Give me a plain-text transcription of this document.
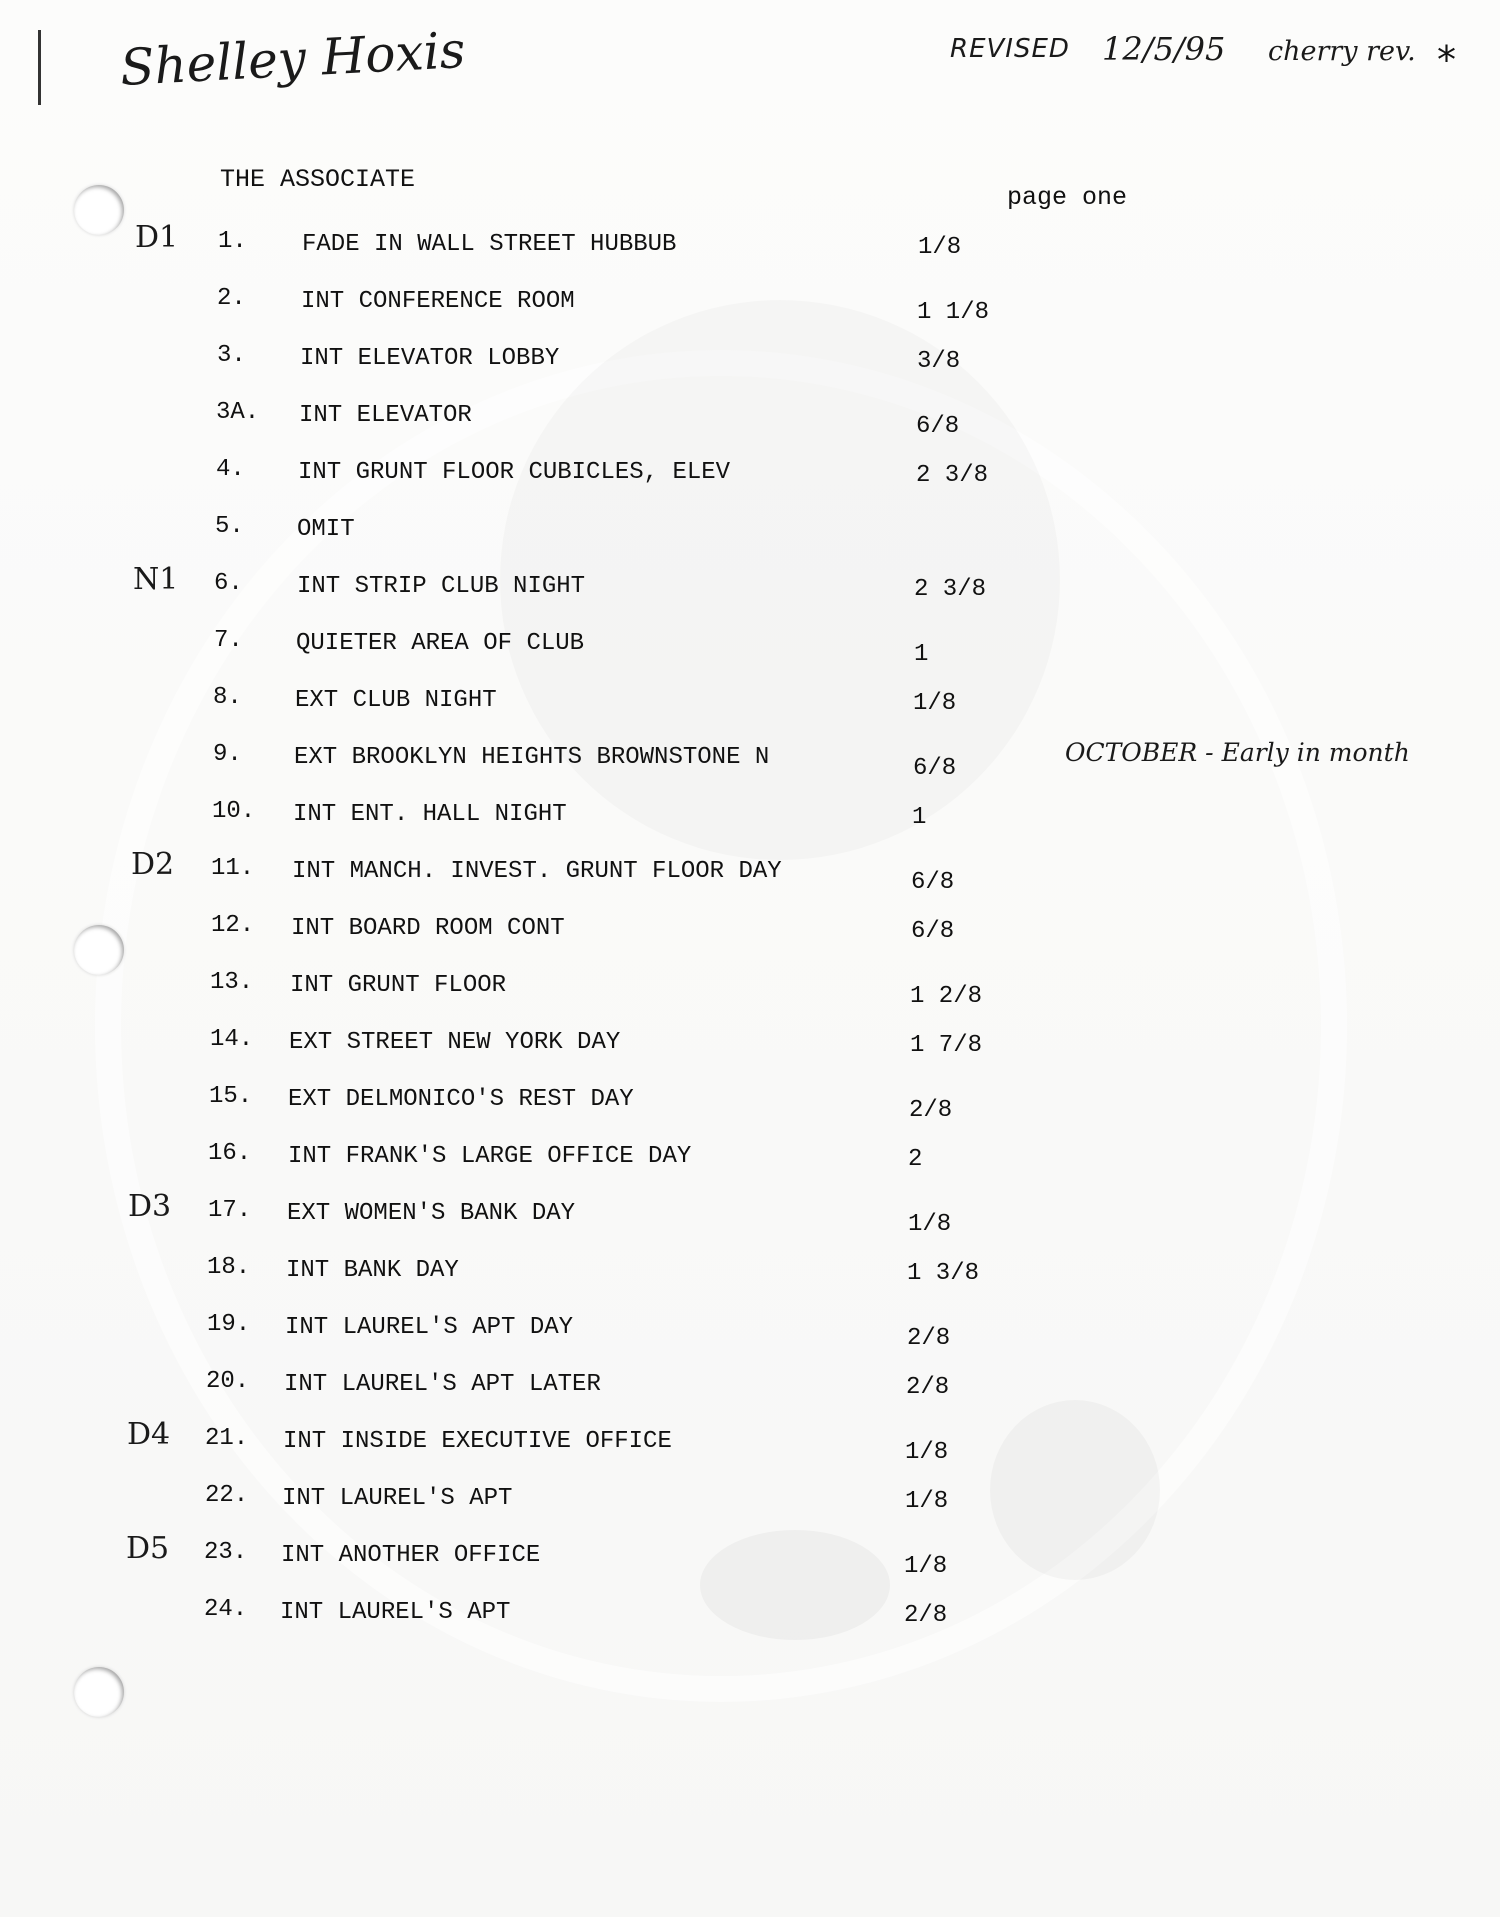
Shelley Hoxis	REVISED 12/5/95 cherry rev. *
OCTOBER - Early in month
THE ASSOCIATE
page one
D1 1. FADE IN WALL STREET HUBBUB	1/8
2. INT CONFERENCE ROOM	1 1/8
3. INT ELEVATOR LOBBY	3/8
3A. INT ELEVATOR	6/8
4. INT GRUNT FLOOR CUBICLES, ELEV	2 3/8
5. OMIT
N1 6. INT STRIP CLUB NIGHT	2 3/8
7. QUIETER AREA OF CLUB	1
8. EXT CLUB NIGHT	1/8
9. EXT BROOKLYN HEIGHTS BROWNSTONE N	6/8
10. INT ENT. HALL NIGHT	1
D2 11. INT MANCH. INVEST. GRUNT FLOOR DAY	6/8
12. INT BOARD ROOM CONT	6/8
13. INT GRUNT FLOOR	1 2/8
14. EXT STREET NEW YORK DAY	1 7/8
15. EXT DELMONICO'S REST DAY	2/8
16. INT FRANK'S LARGE OFFICE DAY	2
D3 17. EXT WOMEN'S BANK DAY	1/8
18. INT BANK DAY	1 3/8
19. INT LAUREL'S APT DAY	2/8
20. INT LAUREL'S APT LATER	2/8
D4 21. INT INSIDE EXECUTIVE OFFICE	1/8
22. INT LAUREL'S APT	1/8
D5 23. INT ANOTHER OFFICE	1/8
24. INT LAUREL'S APT	2/8
